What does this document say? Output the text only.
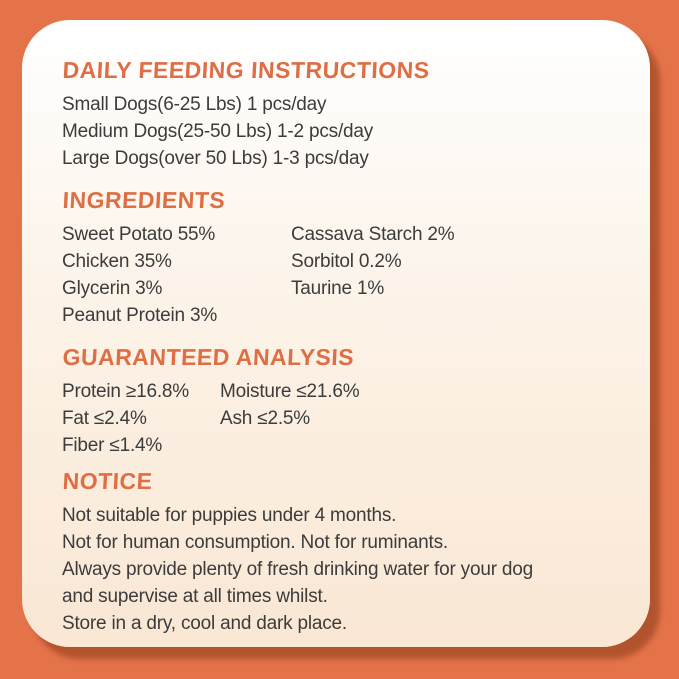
DAILY FEEDING INSTRUCTIONS
Small Dogs(6-25 Lbs) 1 pcs/day
Medium Dogs(25-50 Lbs) 1-2 pcs/day
Large Dogs(over 50 Lbs) 1-3 pcs/day
INGREDIENTS
Sweet Potato 55%
Chicken 35%
Glycerin 3%
Peanut Protein 3%
Cassava Starch 2%
Sorbitol 0.2%
Taurine 1%
GUARANTEED ANALYSIS
Protein ≥16.8%
Fat ≤2.4%
Fiber ≤1.4%
Moisture ≤21.6%
Ash ≤2.5%
NOTICE
Not suitable for puppies under 4 months.
Not for human consumption. Not for ruminants.
Always provide plenty of fresh drinking water for your dog
and supervise at all times whilst.
Store in a dry, cool and dark place.
